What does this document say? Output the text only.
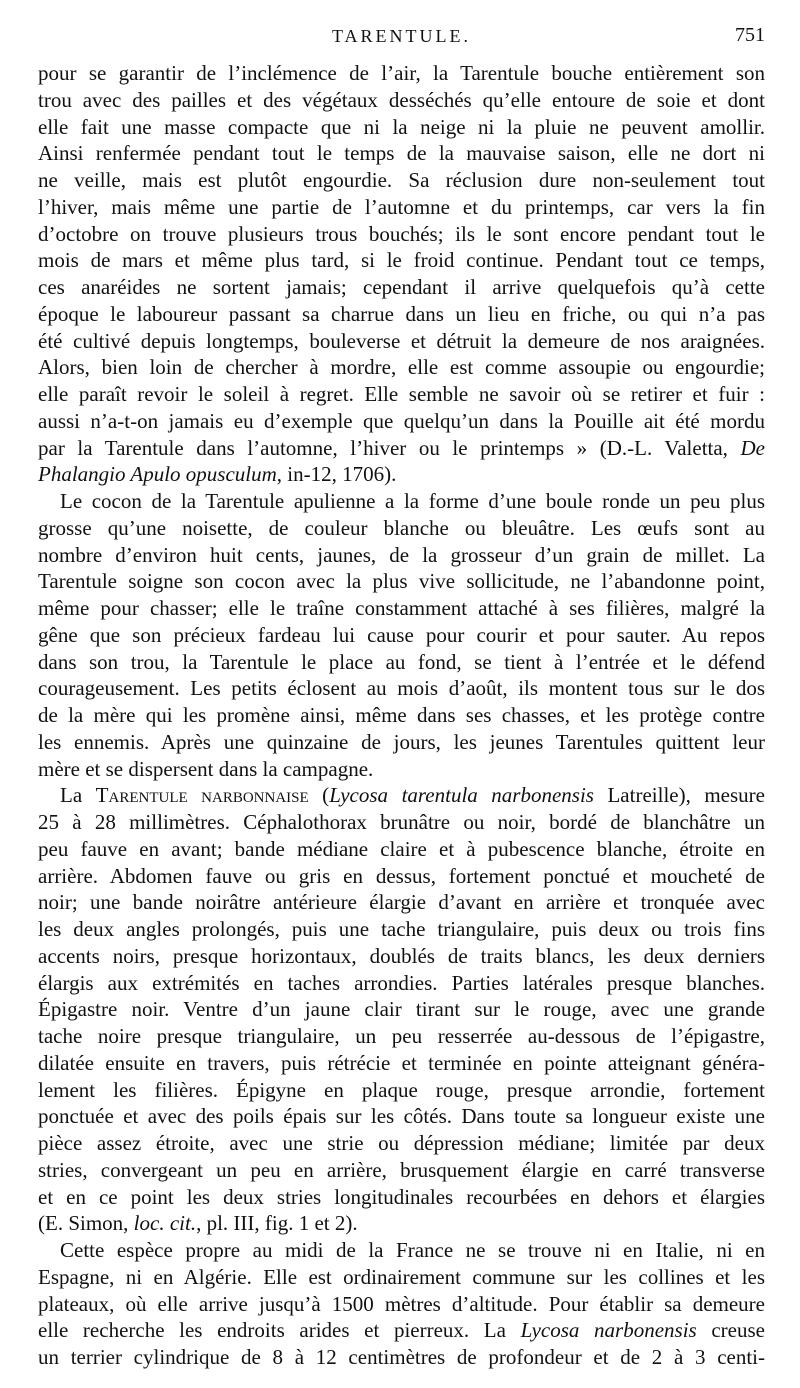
TARENTULE.	751
pour se garantir de l’inclémence de l’air, la Tarentule bouche entièrement son
trou avec des pailles et des végétaux desséchés qu’elle entoure de soie et dont
elle fait une masse compacte que ni la neige ni la pluie ne peuvent amollir.
Ainsi renfermée pendant tout le temps de la mauvaise saison, elle ne dort ni
ne veille, mais est plutôt engourdie. Sa réclusion dure non-seulement tout
l’hiver, mais même une partie de l’automne et du printemps, car vers la fin
d’octobre on trouve plusieurs trous bouchés; ils le sont encore pendant tout le
mois de mars et même plus tard, si le froid continue. Pendant tout ce temps,
ces anaréides ne sortent jamais; cependant il arrive quelquefois qu’à cette
époque le laboureur passant sa charrue dans un lieu en friche, ou qui n’a pas
été cultivé depuis longtemps, bouleverse et détruit la demeure de nos araignées.
Alors, bien loin de chercher à mordre, elle est comme assoupie ou engourdie;
elle paraît revoir le soleil à regret. Elle semble ne savoir où se retirer et fuir :
aussi n’a-t-on jamais eu d’exemple que quelqu’un dans la Pouille ait été mordu
par la Tarentule dans l’automne, l’hiver ou le printemps » (D.-L. Valetta, De
Phalangio Apulo opusculum, in-12, 1706).
Le cocon de la Tarentule apulienne a la forme d’une boule ronde un peu plus
grosse qu’une noisette, de couleur blanche ou bleuâtre. Les œufs sont au
nombre d’environ huit cents, jaunes, de la grosseur d’un grain de millet. La
Tarentule soigne son cocon avec la plus vive sollicitude, ne l’abandonne point,
même pour chasser; elle le traîne constamment attaché à ses filières, malgré la
gêne que son précieux fardeau lui cause pour courir et pour sauter. Au repos
dans son trou, la Tarentule le place au fond, se tient à l’entrée et le défend
courageusement. Les petits éclosent au mois d’août, ils montent tous sur le dos
de la mère qui les promène ainsi, même dans ses chasses, et les protège contre
les ennemis. Après une quinzaine de jours, les jeunes Tarentules quittent leur
mère et se dispersent dans la campagne.
La Tarentule narbonnaise (Lycosa tarentula narbonensis Latreille), mesure
25 à 28 millimètres. Céphalothorax brunâtre ou noir, bordé de blanchâtre un
peu fauve en avant; bande médiane claire et à pubescence blanche, étroite en
arrière. Abdomen fauve ou gris en dessus, fortement ponctué et moucheté de
noir; une bande noirâtre antérieure élargie d’avant en arrière et tronquée avec
les deux angles prolongés, puis une tache triangulaire, puis deux ou trois fins
accents noirs, presque horizontaux, doublés de traits blancs, les deux derniers
élargis aux extrémités en taches arrondies. Parties latérales presque blanches.
Épigastre noir. Ventre d’un jaune clair tirant sur le rouge, avec une grande
tache noire presque triangulaire, un peu resserrée au-dessous de l’épigastre,
dilatée ensuite en travers, puis rétrécie et terminée en pointe atteignant généra-
lement les filières. Épigyne en plaque rouge, presque arrondie, fortement
ponctuée et avec des poils épais sur les côtés. Dans toute sa longueur existe une
pièce assez étroite, avec une strie ou dépression médiane; limitée par deux
stries, convergeant un peu en arrière, brusquement élargie en carré transverse
et en ce point les deux stries longitudinales recourbées en dehors et élargies
(E. Simon, loc. cit., pl. III, fig. 1 et 2).
Cette espèce propre au midi de la France ne se trouve ni en Italie, ni en
Espagne, ni en Algérie. Elle est ordinairement commune sur les collines et les
plateaux, où elle arrive jusqu’à 1500 mètres d’altitude. Pour établir sa demeure
elle recherche les endroits arides et pierreux. La Lycosa narbonensis creuse
un terrier cylindrique de 8 à 12 centimètres de profondeur et de 2 à 3 centi-
